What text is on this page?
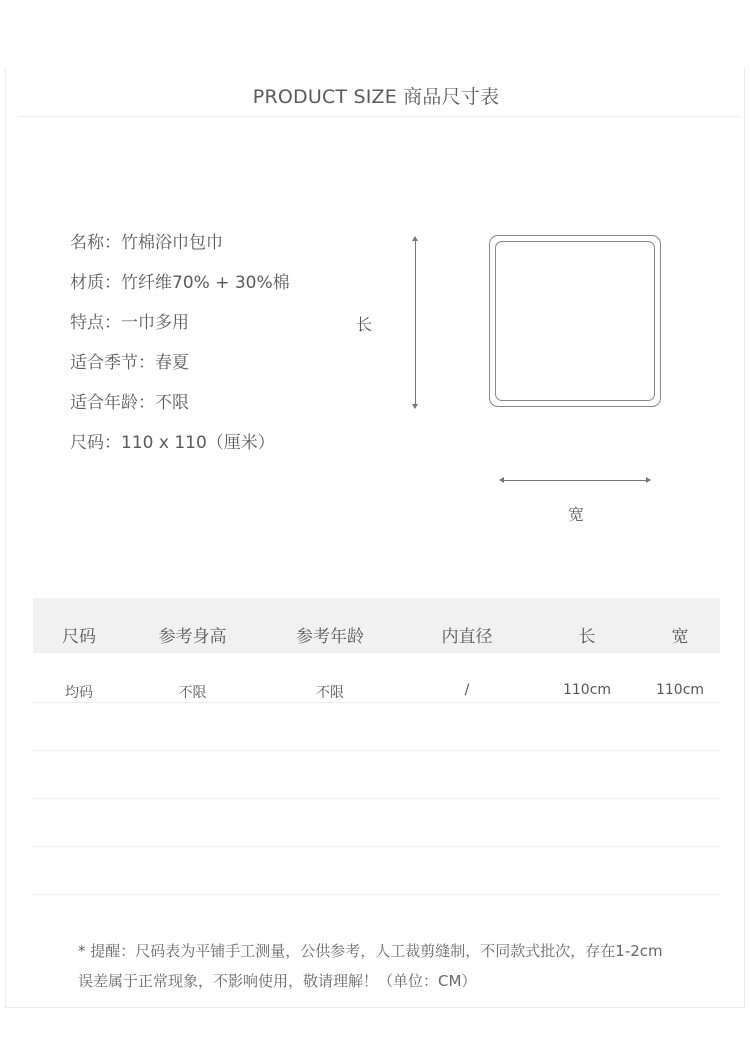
PRODUCT SIZE 商品尺寸表
名称：竹棉浴巾包巾
材质：竹纤维70% + 30%棉
特点：一巾多用
适合季节：春夏
适合年龄：不限
尺码：110 x 110（厘米）
长
宽
尺码	参考身高	参考年龄	内直径	长	宽
均码	不限	不限	/	110cm	110cm
* 提醒：尺码表为平铺手工测量，公供参考，人工裁剪缝制，不同款式批次，存在1-2cm
误差属于正常现象，不影响使用，敬请理解！（单位：CM）
